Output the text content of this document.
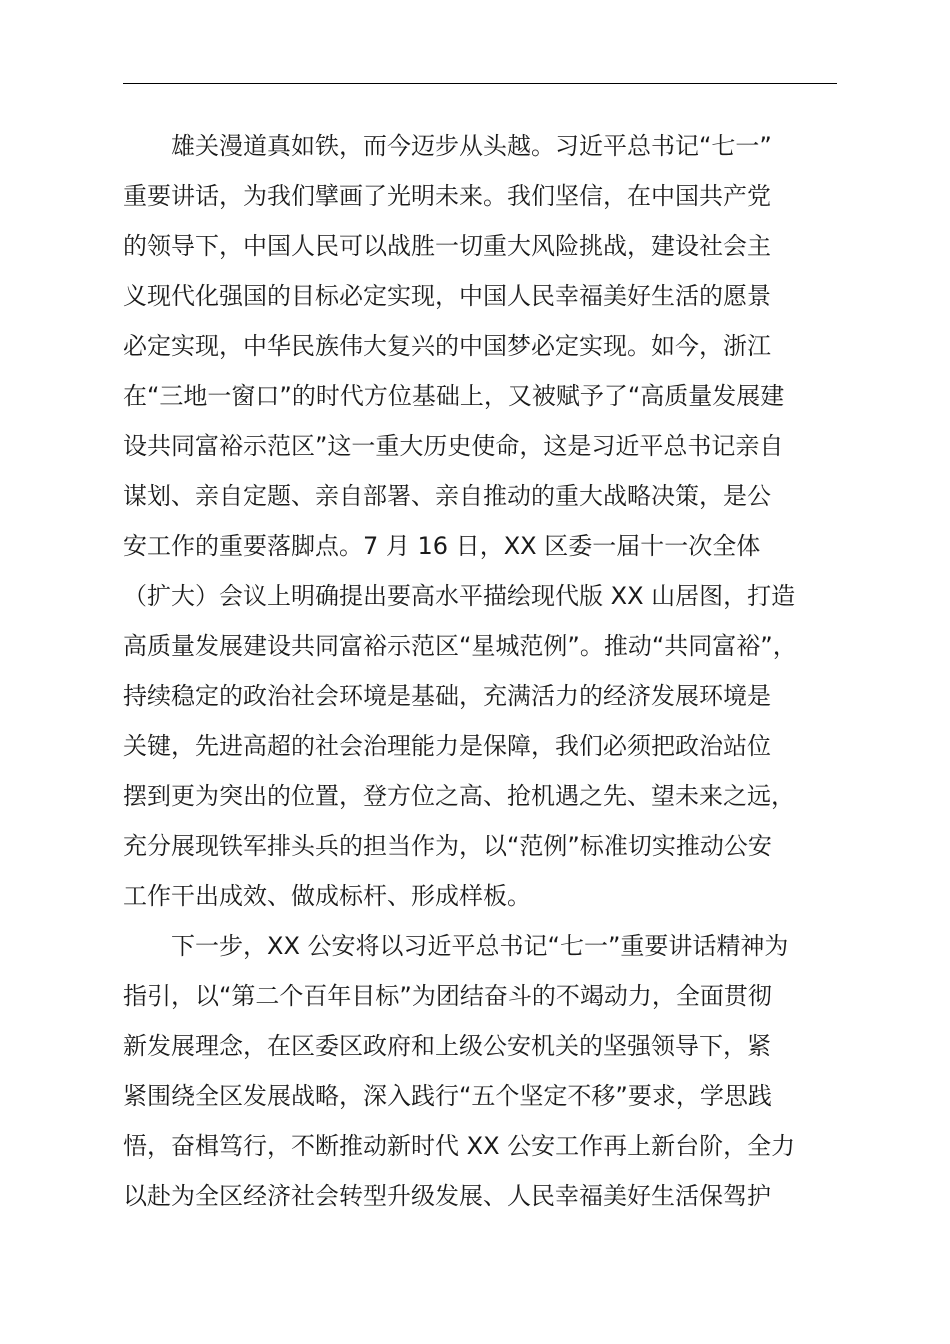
雄关漫道真如铁，而今迈步从头越。习近平总书记“七一”
重要讲话，为我们擘画了光明未来。我们坚信，在中国共产党
的领导下，中国人民可以战胜一切重大风险挑战，建设社会主
义现代化强国的目标必定实现，中国人民幸福美好生活的愿景
必定实现，中华民族伟大复兴的中国梦必定实现。如今，浙江
在“三地一窗口”的时代方位基础上，又被赋予了“高质量发展建
设共同富裕示范区”这一重大历史使命，这是习近平总书记亲自
谋划、亲自定题、亲自部署、亲自推动的重大战略决策，是公
安工作的重要落脚点。7 月 16 日，XX 区委一届十一次全体
（扩大）会议上明确提出要高水平描绘现代版 XX 山居图，打造
高质量发展建设共同富裕示范区“星城范例”。推动“共同富裕”，
持续稳定的政治社会环境是基础，充满活力的经济发展环境是
关键，先进高超的社会治理能力是保障，我们必须把政治站位
摆到更为突出的位置，登方位之高、抢机遇之先、望未来之远，
充分展现铁军排头兵的担当作为，以“范例”标准切实推动公安
工作干出成效、做成标杆、形成样板。
下一步，XX 公安将以习近平总书记“七一”重要讲话精神为
指引，以“第二个百年目标”为团结奋斗的不竭动力，全面贯彻
新发展理念，在区委区政府和上级公安机关的坚强领导下，紧
紧围绕全区发展战略，深入践行“五个坚定不移”要求，学思践
悟，奋楫笃行，不断推动新时代 XX 公安工作再上新台阶，全力
以赴为全区经济社会转型升级发展、人民幸福美好生活保驾护
